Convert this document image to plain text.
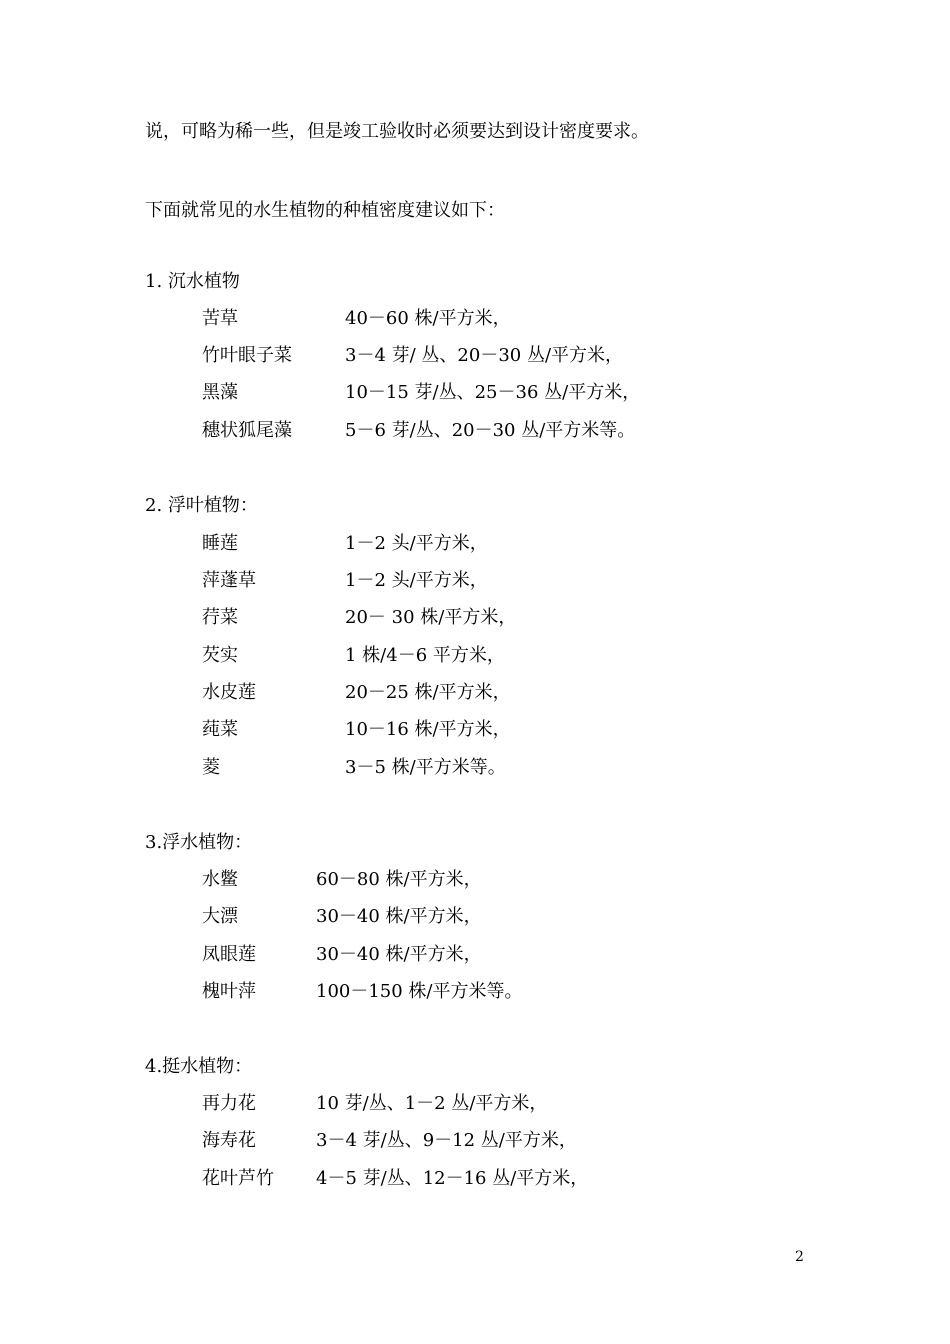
说，可略为稀一些，但是竣工验收时必须要达到设计密度要求。
下面就常见的水生植物的种植密度建议如下：
1. 沉水植物
苦草	40－60 株/平方米，
竹叶眼子菜	3－4 芽/ 丛、20－30 丛/平方米，
黑藻	10－15 芽/丛、25－36 丛/平方米，
穗状狐尾藻	5－6 芽/丛、20－30 丛/平方米等。
2. 浮叶植物：
睡莲	1－2 头/平方米，
萍蓬草	1－2 头/平方米，
荇菜	20－ 30 株/平方米，
芡实	1 株/4－6 平方米，
水皮莲	20－25 株/平方米，
莼菜	10－16 株/平方米，
菱	3－5 株/平方米等。
3.浮水植物：
水鳖	60－80 株/平方米，
大漂	30－40 株/平方米，
凤眼莲	30－40 株/平方米，
槐叶萍	100－150 株/平方米等。
4.挺水植物：
再力花	10 芽/丛、1－2 丛/平方米，
海寿花	3－4 芽/丛、9－12 丛/平方米，
花叶芦竹 4－5 芽/丛、12－16 丛/平方米，
2
